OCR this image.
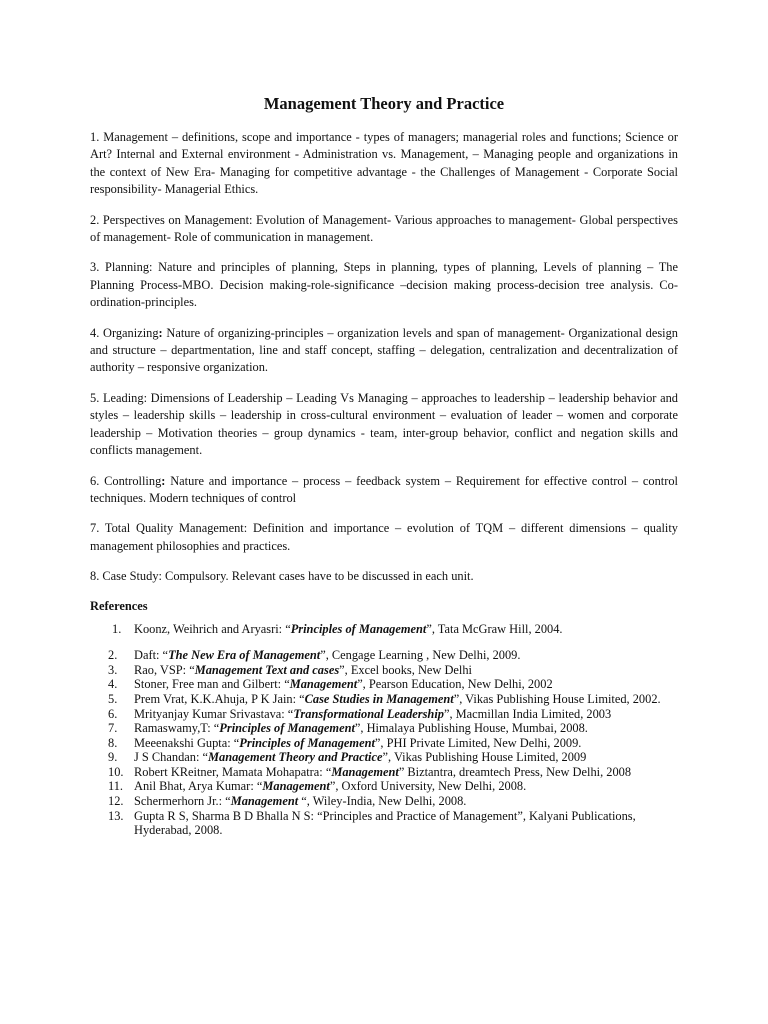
Management Theory and Practice

1. Management – definitions, scope and importance - types of managers; managerial roles and functions; Science or Art? Internal and External environment - Administration vs. Management, – Managing people and organizations in the context of New Era- Managing for competitive advantage - the Challenges of Management - Corporate Social responsibility- Managerial Ethics.

2. Perspectives on Management: Evolution of Management- Various approaches to management- Global perspectives of management- Role of communication in management.

3. Planning: Nature and principles of planning, Steps in planning, types of planning, Levels of planning – The Planning Process-MBO. Decision making-role-significance –decision making process-decision tree analysis. Co-ordination-principles.

4. Organizing: Nature of organizing-principles – organization levels and span of management- Organizational design and structure – departmentation, line and staff concept, staffing – delegation, centralization and decentralization of authority – responsive organization.

5. Leading: Dimensions of Leadership – Leading Vs Managing – approaches to leadership – leadership behavior and styles – leadership skills – leadership in cross-cultural environment – evaluation of leader – women and corporate leadership – Motivation theories – group dynamics - team, inter-group behavior, conflict and negation skills and conflicts management.

6. Controlling: Nature and importance – process – feedback system – Requirement for effective control – control techniques. Modern techniques of control

7. Total Quality Management: Definition and importance – evolution of TQM – different dimensions – quality management philosophies and practices.

8. Case Study: Compulsory. Relevant cases have to be discussed in each unit.

References

1.	Koonz, Weihrich and Aryasri: “Principles of Management”, Tata McGraw Hill, 2004.
2.	Daft: “The New Era of Management”, Cengage Learning , New Delhi, 2009.
3.	Rao, VSP: “Management Text and cases”, Excel books, New Delhi
4.	Stoner, Free man and Gilbert: “Management”, Pearson Education, New Delhi, 2002
5.	Prem Vrat, K.K.Ahuja, P K Jain: “Case Studies in Management”, Vikas Publishing House Limited, 2002.
6.	Mrityanjay Kumar Srivastava: “Transformational Leadership”, Macmillan India Limited, 2003
7.	Ramaswamy,T: “Principles of Management”, Himalaya Publishing House, Mumbai, 2008.
8.	Meeenakshi Gupta: “Principles of Management”, PHI Private Limited, New Delhi, 2009.
9.	J S Chandan: “Management Theory and Practice”, Vikas Publishing House Limited, 2009
10. Robert KReitner, Mamata Mohapatra: “Management” Biztantra, dreamtech Press, New Delhi, 2008
11. Anil Bhat, Arya Kumar: “Management”, Oxford University, New Delhi, 2008.
12. Schermerhorn Jr.: “Management “, Wiley-India, New Delhi, 2008.
13. Gupta R S, Sharma B D Bhalla N S: “Principles and Practice of Management”, Kalyani Publications, Hyderabad, 2008.
